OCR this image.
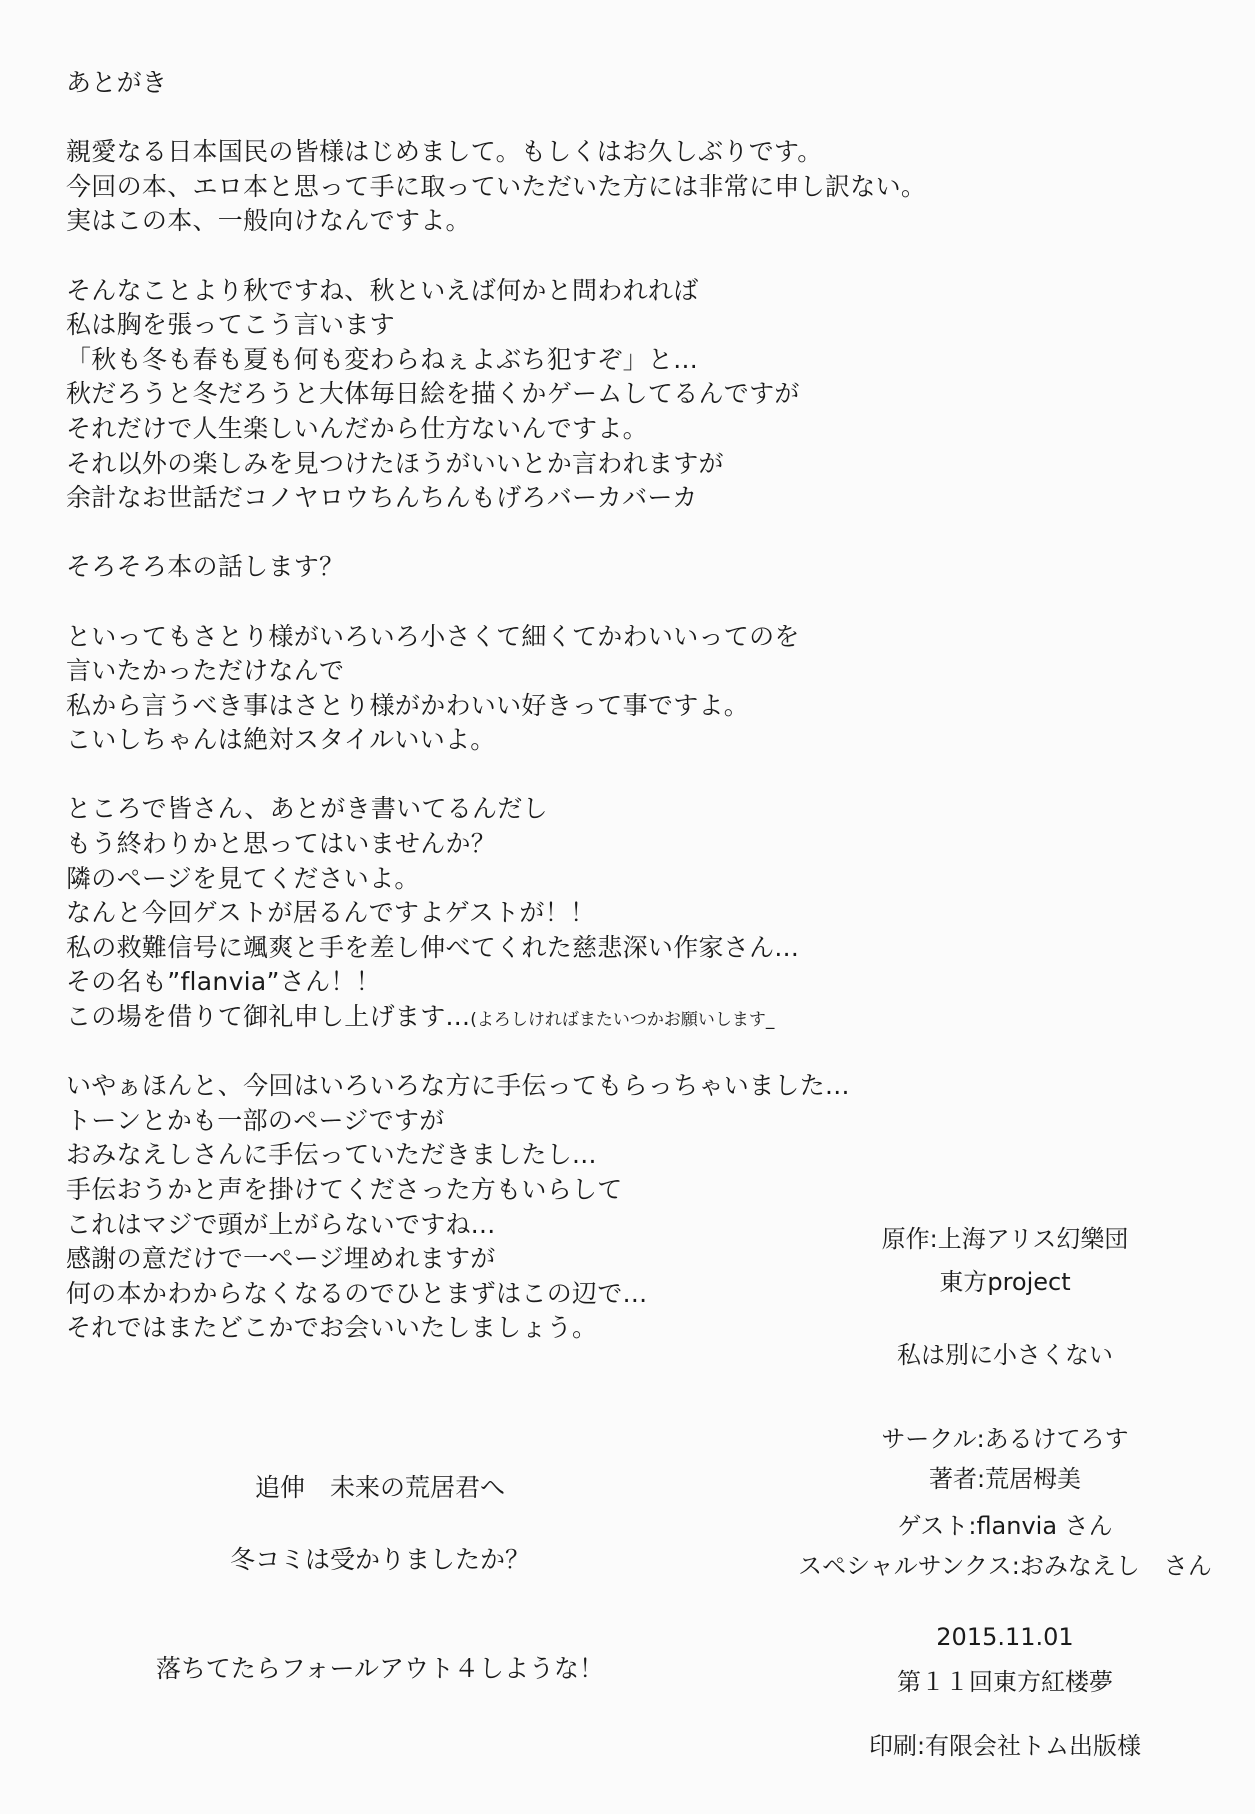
あとがき
親愛なる日本国民の皆様はじめまして。もしくはお久しぶりです。
今回の本、エロ本と思って手に取っていただいた方には非常に申し訳ない。
実はこの本、一般向けなんですよ。
そんなことより秋ですね、秋といえば何かと問われれば
私は胸を張ってこう言います
「秋も冬も春も夏も何も変わらねぇよぶち犯すぞ」と...
秋だろうと冬だろうと大体毎日絵を描くかゲームしてるんですが
それだけで人生楽しいんだから仕方ないんですよ。
それ以外の楽しみを見つけたほうがいいとか言われますが
余計なお世話だコノヤロウちんちんもげろバーカバーカ
そろそろ本の話します？
といってもさとり様がいろいろ小さくて細くてかわいいってのを
言いたかっただけなんで
私から言うべき事はさとり様がかわいい好きって事ですよ。
こいしちゃんは絶対スタイルいいよ。
ところで皆さん、あとがき書いてるんだし
もう終わりかと思ってはいませんか？
隣のページを見てくださいよ。
なんと今回ゲストが居るんですよゲストが！！
私の救難信号に颯爽と手を差し伸べてくれた慈悲深い作家さん...
その名も”flanvia”さん！！
この場を借りて御礼申し上げます...(よろしければまたいつかお願いします_
いやぁほんと、今回はいろいろな方に手伝ってもらっちゃいました...
トーンとかも一部のページですが
おみなえしさんに手伝っていただきましたし...
手伝おうかと声を掛けてくださった方もいらして
これはマジで頭が上がらないですね...
感謝の意だけで一ページ埋めれますが
何の本かわからなくなるのでひとまずはこの辺で...
それではまたどこかでお会いいたしましょう。
追伸　未来の荒居君へ
冬コミは受かりましたか？
落ちてたらフォールアウト４しような！
原作:上海アリス幻樂団
東方project
私は別に小さくない
サークル:あるけてろす
著者:荒居栂美
ゲスト:flanvia さん
スペシャルサンクス:おみなえし　さん
2015.11.01
第１１回東方紅楼夢
印刷:有限会社トム出版様
